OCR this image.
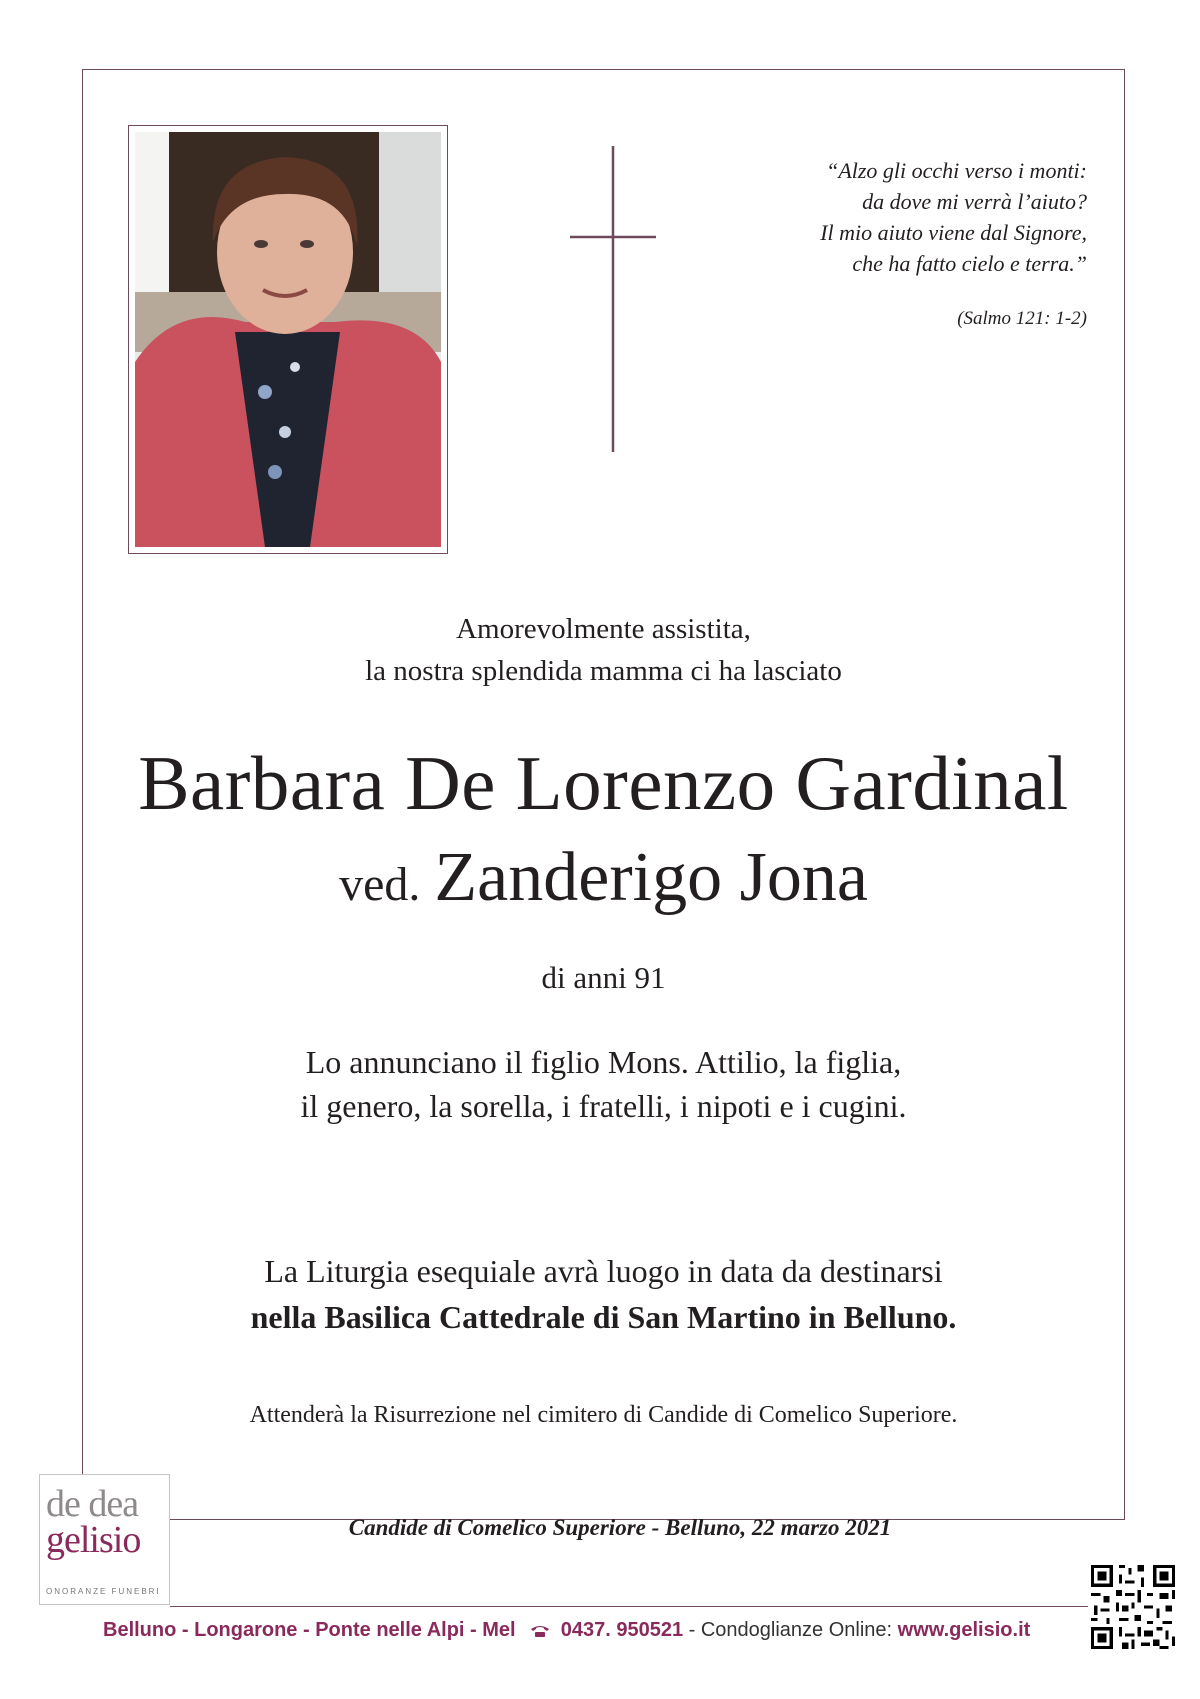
“Alzo gli occhi verso i monti:
da dove mi verrà l’aiuto?
Il mio aiuto viene dal Signore,
che ha fatto cielo e terra.”
(Salmo 121: 1-2)
Amorevolmente assistita,
la nostra splendida mamma ci ha lasciato
Barbara De Lorenzo Gardinal
ved. Zanderigo Jona
di anni 91
Lo annunciano il figlio Mons. Attilio, la figlia,
il genero, la sorella, i fratelli, i nipoti e i cugini.
La Liturgia esequiale avrà luogo in data da destinarsi
nella Basilica Cattedrale di San Martino in Belluno.
Attenderà la Risurrezione nel cimitero di Candide di Comelico Superiore.
Candide di Comelico Superiore - Belluno, 22 marzo 2021
de dea
gelisio
ONORANZE FUNEBRI
Belluno - Longarone - Ponte nelle Alpi - Mel 0437. 950521 - Condoglianze Online: www.gelisio.it
